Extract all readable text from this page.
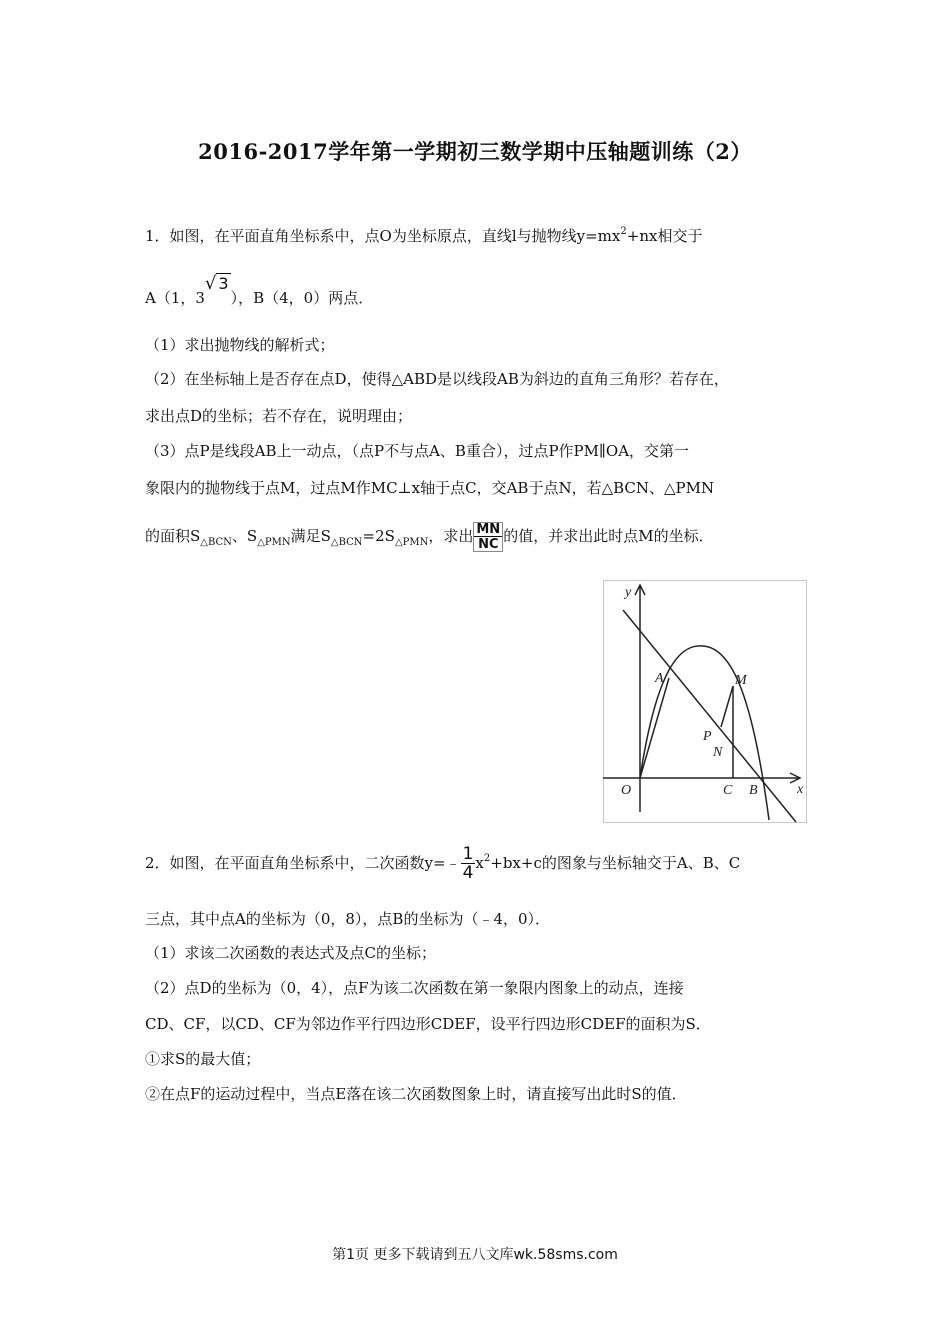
2016-2017学年第一学期初三数学期中压轴题训练（2）
1．如图，在平面直角坐标系中，点O为坐标原点，直线l与抛物线$y=mx^2+nx$相交于
A（1，3√ 3），B（4，0）两点．
（1）求出抛物线的解析式；
（2）在坐标轴上是否存在点D，使得△ABD是以线段AB为斜边的直角三角形？若存在，
求出点D的坐标；若不存在，说明理由；
（3）点P是线段AB上一动点，（点P不与点A、B重合），过点P作PM∥OA，交第一
象限内的抛物线于点M，过点M作MC⊥x轴于点C，交AB于点N，若△BCN、△PMN
的面积$S_{\triangle BCN}$、$S_{\triangle PMN}$满足$S_{\triangle BCN}=2S_{\triangle PMN}$，求出 $\frac{MN}{NC}$ 的值，并求出此时点M的坐标．
y
x
O
A	M
P
N
C B
2．如图，在平面直角坐标系中，二次函数y=﹣ $\frac{1}{4} x^2+bx+c$的图象与坐标轴交于A、B、C
三点，其中点A的坐标为（0，8），点B的坐标为（﹣4，0）．
（1）求该二次函数的表达式及点C的坐标；
（2）点D的坐标为（0，4），点F为该二次函数在第一象限内图象上的动点，连接
CD、CF，以CD、CF为邻边作平行四边形CDEF，设平行四边形CDEF的面积为S．
①求S的最大值；
②在点F的运动过程中，当点E落在该二次函数图象上时，请直接写出此时S的值．
第1页 更多下载请到五八文库wk.58sms.com
